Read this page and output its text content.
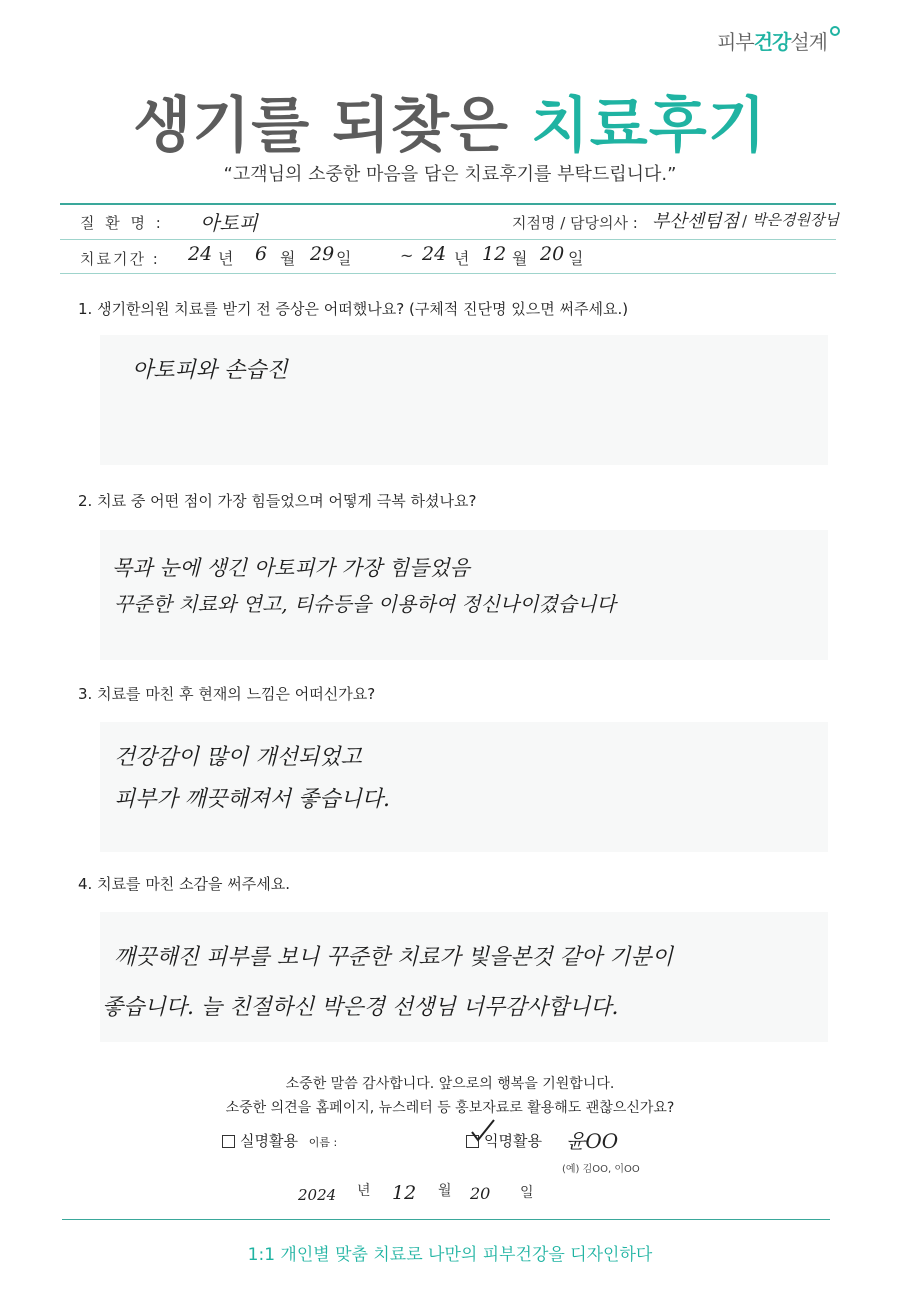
피부건강설계
생기를 되찾은 치료후기
“고객님의 소중한 마음을 담은 치료후기를 부탁드립니다.”
질 환 명 : 아토피	지점명 / 담당의사 : 부산센텀점 / 박은경원장님
치료기간 : 24 년 6 월 29 일	~ 24 년 12 월 20 일
1. 생기한의원 치료를 받기 전 증상은 어떠했나요? (구체적 진단명 있으면 써주세요.)
아토피와 손습진
2. 치료 중 어떤 점이 가장 힘들었으며 어떻게 극복 하셨나요?
목과 눈에 생긴 아토피가 가장 힘들었음
꾸준한 치료와 연고, 티슈등을 이용하여 정신나이겼습니다
3. 치료를 마친 후 현재의 느낌은 어떠신가요?
건강감이 많이 개선되었고
피부가 깨끗해져서 좋습니다.
4. 치료를 마친 소감을 써주세요.
깨끗해진 피부를 보니 꾸준한 치료가 빛을본것 같아 기분이
좋습니다. 늘 친절하신 박은경 선생님 너무감사합니다.
소중한 말씀 감사합니다. 앞으로의 행복을 기원합니다.
소중한 의견을 홈페이지, 뉴스레터 등 홍보자료로 활용해도 괜찮으신가요?
실명활용 이름 :	익명활용 윤OO
(예) 김OO, 이OO
2024 년 12 월 20 일
1:1 개인별 맞춤 치료로 나만의 피부건강을 디자인하다
